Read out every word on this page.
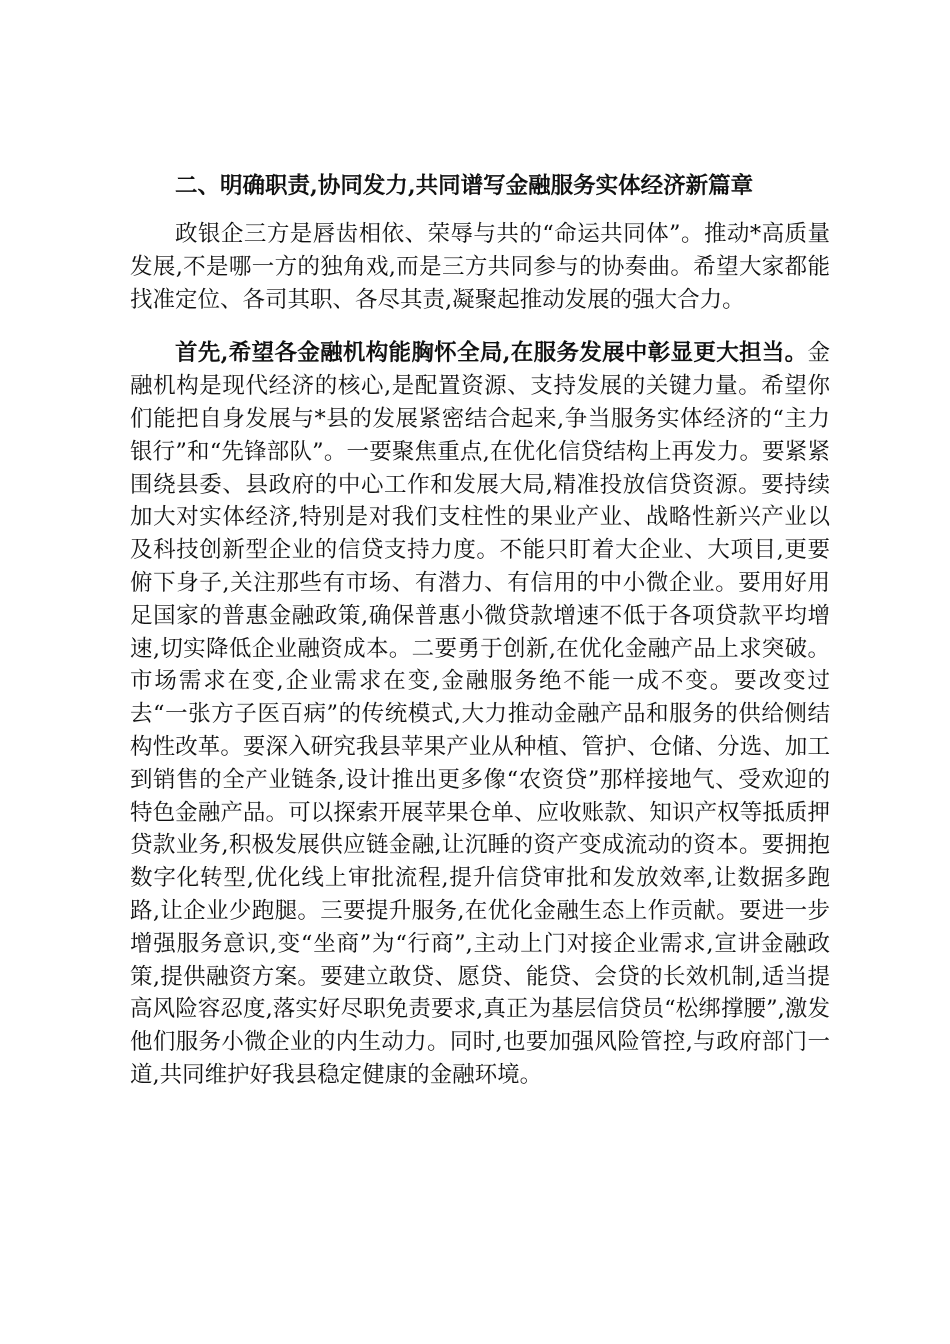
二、明确职责,协同发力,共同谱写金融服务实体经济新篇章

政银企三方是唇齿相依、荣辱与共的“命运共同体”。推动*高质量发展,不是哪一方的独角戏,而是三方共同参与的协奏曲。希望大家都能找准定位、各司其职、各尽其责,凝聚起推动发展的强大合力。

首先,希望各金融机构能胸怀全局,在服务发展中彰显更大担当。金融机构是现代经济的核心,是配置资源、支持发展的关键力量。希望你们能把自身发展与*县的发展紧密结合起来,争当服务实体经济的“主力银行”和“先锋部队”。一要聚焦重点,在优化信贷结构上再发力。要紧紧围绕县委、县政府的中心工作和发展大局,精准投放信贷资源。要持续加大对实体经济,特别是对我们支柱性的果业产业、战略性新兴产业以及科技创新型企业的信贷支持力度。不能只盯着大企业、大项目,更要俯下身子,关注那些有市场、有潜力、有信用的中小微企业。要用好用足国家的普惠金融政策,确保普惠小微贷款增速不低于各项贷款平均增速,切实降低企业融资成本。二要勇于创新,在优化金融产品上求突破。市场需求在变,企业需求在变,金融服务绝不能一成不变。要改变过去“一张方子医百病”的传统模式,大力推动金融产品和服务的供给侧结构性改革。要深入研究我县苹果产业从种植、管护、仓储、分选、加工到销售的全产业链条,设计推出更多像“农资贷”那样接地气、受欢迎的特色金融产品。可以探索开展苹果仓单、应收账款、知识产权等抵质押贷款业务,积极发展供应链金融,让沉睡的资产变成流动的资本。要拥抱数字化转型,优化线上审批流程,提升信贷审批和发放效率,让数据多跑路,让企业少跑腿。三要提升服务,在优化金融生态上作贡献。要进一步增强服务意识,变“坐商”为“行商”,主动上门对接企业需求,宣讲金融政策,提供融资方案。要建立敢贷、愿贷、能贷、会贷的长效机制,适当提高风险容忍度,落实好尽职免责要求,真正为基层信贷员“松绑撑腰”,激发他们服务小微企业的内生动力。同时,也要加强风险管控,与政府部门一道,共同维护好我县稳定健康的金融环境。
